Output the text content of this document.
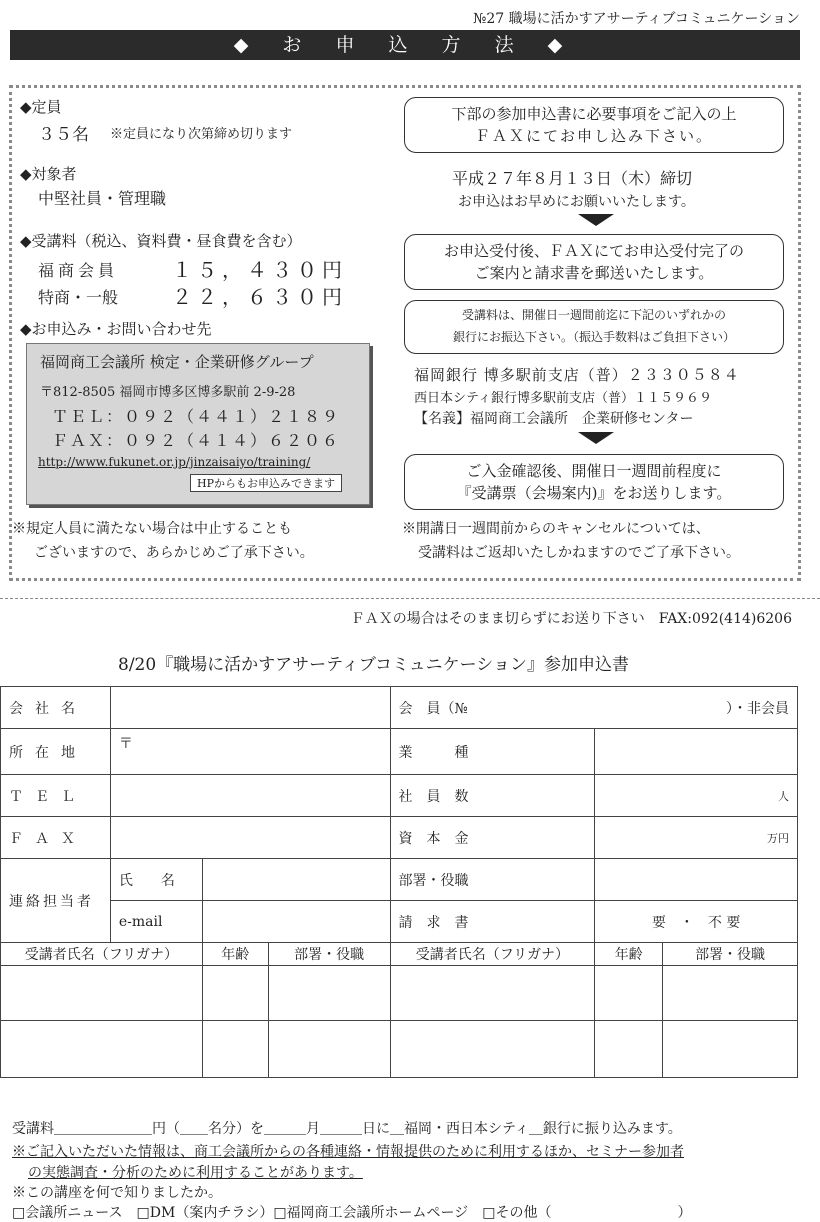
№27 職場に活かすアサーティブコミュニケーション
◆ お 申 込 方 法 ◆
◆定員
３５名 ※定員になり次第締め切ります
◆対象者
中堅社員・管理職
◆受講料（税込、資料費・昼食費を含む）
福商会員	１５，４３０円
特商・一般	２２，６３０円
◆お申込み・お問い合わせ先
福岡商工会議所 検定・企業研修グループ
〒812-8505 福岡市博多区博多駅前 2-9-28
ＴＥＬ：０９２（４４１）２１８９
ＦＡＸ：０９２（４１４）６２０６
http://www.fukunet.or.jp/jinzaisaiyo/training/
HPからもお申込みできます
※規定人員に満たない場合は中止することも
ございますので、あらかじめご了承下さい。
下部の参加申込書に必要事項をご記入の上
ＦＡＸにてお申し込み下さい。
平成２７年８月１３日（木）締切
お申込はお早めにお願いいたします。
お申込受付後、ＦＡＸにてお申込受付完了の
ご案内と請求書を郵送いたします。
受講料は、開催日一週間前迄に下記のいずれかの
銀行にお振込下さい。（振込手数料はご負担下さい）
福岡銀行 博多駅前支店（普）２３３０５８４
西日本シティ銀行博多駅前支店（普）１１５９６９
【名義】福岡商工会議所　企業研修センター
ご入金確認後、開催日一週間前程度に
『受講票（会場案内)』をお送りします。
※開講日一週間前からのキャンセルについては、
受講料はご返却いたしかねますのでご了承下さい。
ＦＡＸの場合はそのまま切らずにお送り下さい　FAX:092(414)6206
8/20『職場に活かすアサーティブコミュニケーション』参加申込書
会社名				会　員（№ ）・非会員		

所在地	〒			業　　　種		
ＴＥＬ				社　員　数	人	
ＦＡＸ				資　本　金	万円	
連絡担当者	氏　　名			部署・役職		
	e‐mail			請　求　書	要　・　不 要	
受講者氏名（フリガナ）		年齢	部署・役職	受講者氏名（フリガナ）	年齢	部署・役職

受講料＿＿＿＿＿＿＿円（＿＿名分）を＿＿＿月＿＿＿日に＿福岡・西日本シティ＿銀行に振り込みます。
※ご記入いただいた情報は、商工会議所からの各種連絡・情報提供のために利用するほか、セミナー参加者
の実態調査・分析のために利用することがあります。
※この講座を何で知りましたか。
□会議所ニュース　□DM（案内チラシ）□福岡商工会議所ホームページ　□その他（　　　　　　　　　）
